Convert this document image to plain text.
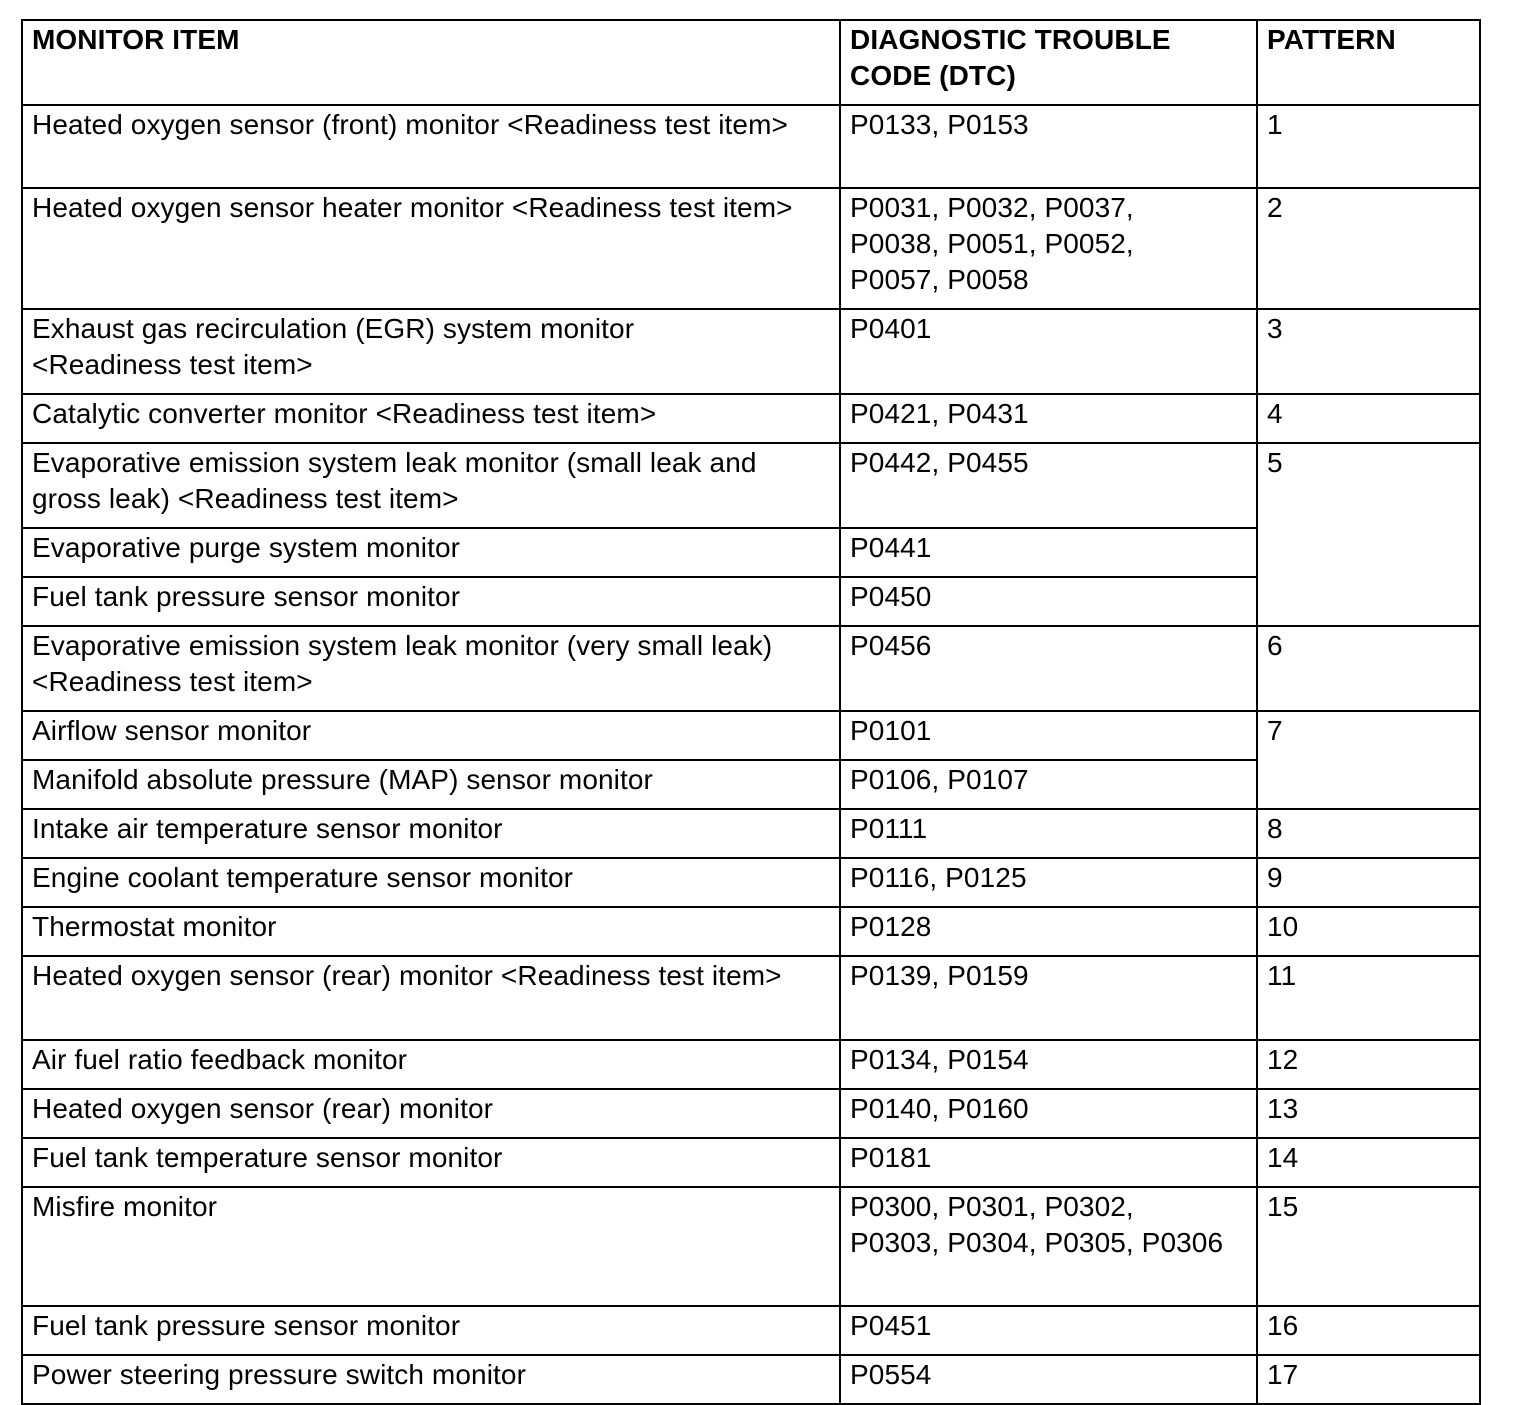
MONITOR ITEM	DIAGNOSTIC TROUBLE CODE (DTC)	PATTERN
Heated oxygen sensor (front) monitor <Readiness test item>	P0133, P0153	1
Heated oxygen sensor heater monitor <Readiness test item>	P0031, P0032, P0037, P0038, P0051, P0052, P0057, P0058	2
Exhaust gas recirculation (EGR) system monitor <Readiness test item>	P0401	3
Catalytic converter monitor <Readiness test item>	P0421, P0431	4
Evaporative emission system leak monitor (small leak and gross leak) <Readiness test item>	P0442, P0455	5
Evaporative purge system monitor	P0441	
Fuel tank pressure sensor monitor	P0450	
Evaporative emission system leak monitor (very small leak) <Readiness test item>	P0456	6
Airflow sensor monitor	P0101	7
Manifold absolute pressure (MAP) sensor monitor	P0106, P0107	
Intake air temperature sensor monitor	P0111	8
Engine coolant temperature sensor monitor	P0116, P0125	9
Thermostat monitor	P0128	10
Heated oxygen sensor (rear) monitor <Readiness test item>	P0139, P0159	11
Air fuel ratio feedback monitor	P0134, P0154	12
Heated oxygen sensor (rear) monitor	P0140, P0160	13
Fuel tank temperature sensor monitor	P0181	14
Misfire monitor	P0300, P0301, P0302, P0303, P0304, P0305, P0306	15
Fuel tank pressure sensor monitor	P0451	16
Power steering pressure switch monitor	P0554	17
